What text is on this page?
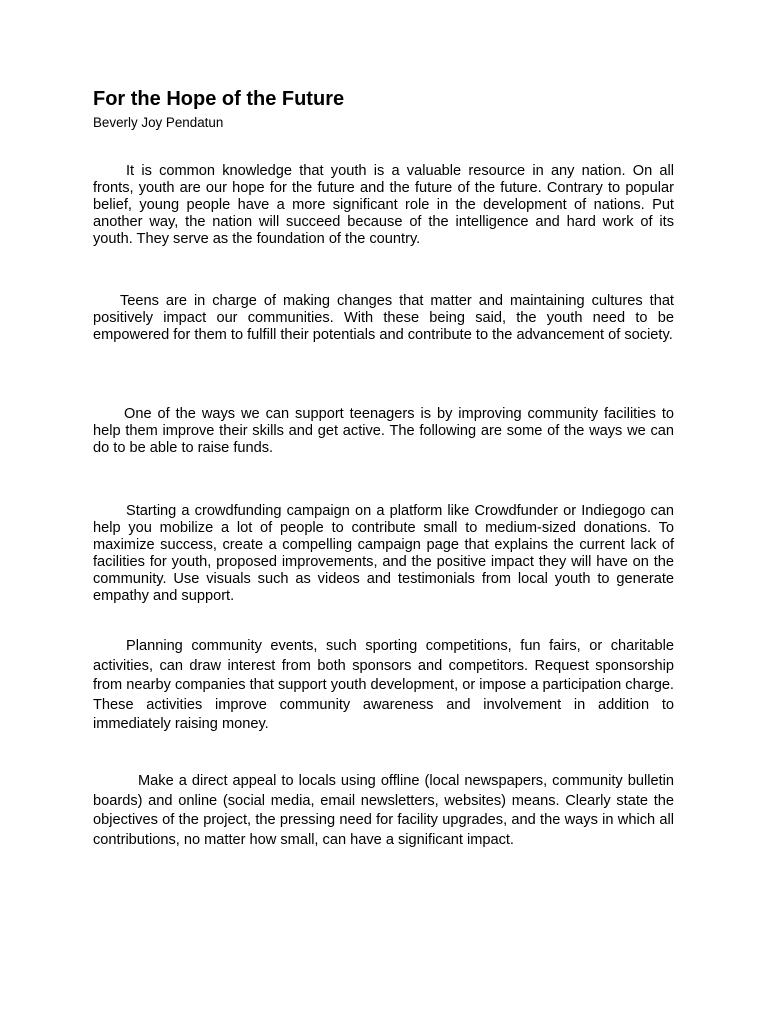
For the Hope of the Future

Beverly Joy Pendatun

It is common knowledge that youth is a valuable resource in any nation. On all fronts, youth are our hope for the future and the future of the future. Contrary to popular belief, young people have a more significant role in the development of nations. Put another way, the nation will succeed because of the intelligence and hard work of its youth. They serve as the foundation of the country.

Teens are in charge of making changes that matter and maintaining cultures that positively impact our communities. With these being said, the youth need to be empowered for them to fulfill their potentials and contribute to the advancement of society.

One of the ways we can support teenagers is by improving community facilities to help them improve their skills and get active. The following are some of the ways we can do to be able to raise funds.

Starting a crowdfunding campaign on a platform like Crowdfunder or Indiegogo can help you mobilize a lot of people to contribute small to medium-sized donations. To maximize success, create a compelling campaign page that explains the current lack of facilities for youth, proposed improvements, and the positive impact they will have on the community. Use visuals such as videos and testimonials from local youth to generate empathy and support.

Planning community events, such sporting competitions, fun fairs, or charitable activities, can draw interest from both sponsors and competitors. Request sponsorship from nearby companies that support youth development, or impose a participation charge. These activities improve community awareness and involvement in addition to immediately raising money.

Make a direct appeal to locals using offline (local newspapers, community bulletin boards) and online (social media, email newsletters, websites) means. Clearly state the objectives of the project, the pressing need for facility upgrades, and the ways in which all contributions, no matter how small, can have a significant impact.
